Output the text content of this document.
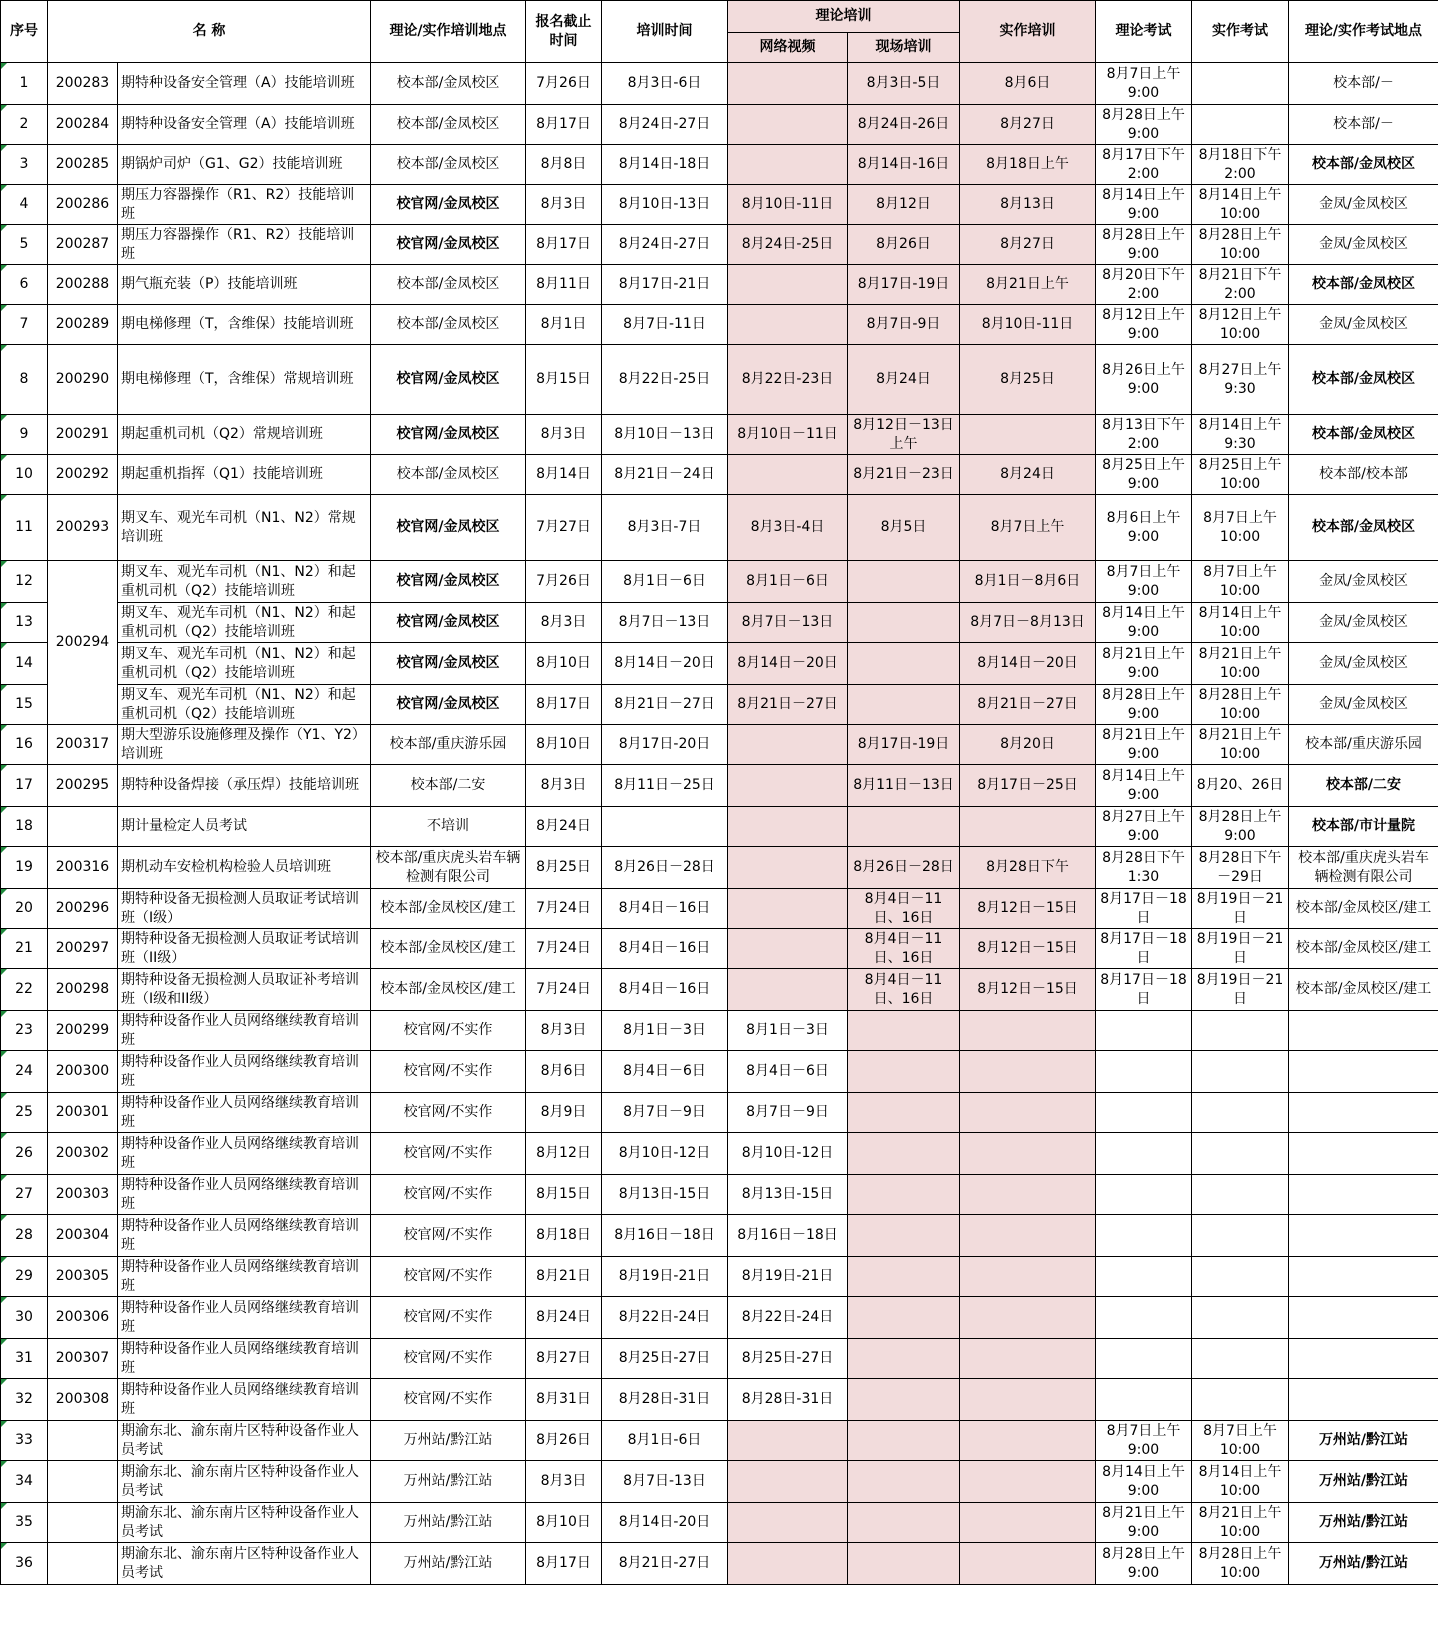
序号	名 称		理论/实作培训地点	报名截止时间	培训时间	理论培训		实作培训	理论考试	实作考试	理论/实作考试地点
						网络视频	现场培训				
1	200283	期特种设备安全管理（A）技能培训班	校本部/金凤校区	7月26日	8月3日-6日		8月3日-5日	8月6日	8月7日上午9:00		校本部/－
2	200284	期特种设备安全管理（A）技能培训班	校本部/金凤校区	8月17日	8月24日-27日		8月24日-26日	8月27日	8月28日上午9:00		校本部/－
3	200285	期锅炉司炉（G1、G2）技能培训班	校本部/金凤校区	8月8日	8月14日-18日		8月14日-16日	8月18日上午	8月17日下午2:00	8月18日下午2:00	校本部/金凤校区
4	200286	期压力容器操作（R1、R2）技能培训班	校官网/金凤校区	8月3日	8月10日-13日	8月10日-11日	8月12日	8月13日	8月14日上午9:00	8月14日上午10:00	金凤/金凤校区
5	200287	期压力容器操作（R1、R2）技能培训班	校官网/金凤校区	8月17日	8月24日-27日	8月24日-25日	8月26日	8月27日	8月28日上午9:00	8月28日上午10:00	金凤/金凤校区
6	200288	期气瓶充装（P）技能培训班	校本部/金凤校区	8月11日	8月17日-21日		8月17日-19日	8月21日上午	8月20日下午2:00	8月21日下午2:00	校本部/金凤校区
7	200289	期电梯修理（T，含维保）技能培训班	校本部/金凤校区	8月1日	8月7日-11日		8月7日-9日	8月10日-11日	8月12日上午9:00	8月12日上午10:00	金凤/金凤校区
8	200290	期电梯修理（T，含维保）常规培训班	校官网/金凤校区	8月15日	8月22日-25日	8月22日-23日	8月24日	8月25日	8月26日上午9:00	8月27日上午9:30	校本部/金凤校区
9	200291	期起重机司机（Q2）常规培训班	校官网/金凤校区	8月3日	8月10日－13日	8月10日－11日	8月12日－13日上午		8月13日下午2:00	8月14日上午9:30	校本部/金凤校区
10	200292	期起重机指挥（Q1）技能培训班	校本部/金凤校区	8月14日	8月21日－24日		8月21日－23日	8月24日	8月25日上午9:00	8月25日上午10:00	校本部/校本部
11	200293	期叉车、观光车司机（N1、N2）常规培训班	校官网/金凤校区	7月27日	8月3日-7日	8月3日-4日	8月5日	8月7日上午	8月6日上午9:00	8月7日上午10:00	校本部/金凤校区
12	200294	期叉车、观光车司机（N1、N2）和起重机司机（Q2）技能培训班	校官网/金凤校区	7月26日	8月1日－6日	8月1日－6日		8月1日－8月6日	8月7日上午9:00	8月7日上午10:00	金凤/金凤校区
13		期叉车、观光车司机（N1、N2）和起重机司机（Q2）技能培训班	校官网/金凤校区	8月3日	8月7日－13日	8月7日－13日		8月7日－8月13日	8月14日上午9:00	8月14日上午10:00	金凤/金凤校区
14		期叉车、观光车司机（N1、N2）和起重机司机（Q2）技能培训班	校官网/金凤校区	8月10日	8月14日－20日	8月14日－20日		8月14日－20日	8月21日上午9:00	8月21日上午10:00	金凤/金凤校区
15		期叉车、观光车司机（N1、N2）和起重机司机（Q2）技能培训班	校官网/金凤校区	8月17日	8月21日－27日	8月21日－27日		8月21日－27日	8月28日上午9:00	8月28日上午10:00	金凤/金凤校区
16	200317	期大型游乐设施修理及操作（Y1、Y2）培训班	校本部/重庆游乐园	8月10日	8月17日-20日		8月17日-19日	8月20日	8月21日上午9:00	8月21日上午10:00	校本部/重庆游乐园
17	200295	期特种设备焊接（承压焊）技能培训班	校本部/二安	8月3日	8月11日－25日		8月11日－13日	8月17日－25日	8月14日上午9:00	8月20、26日	校本部/二安
18		期计量检定人员考试	不培训	8月24日					8月27日上午9:00	8月28日上午9:00	校本部/市计量院
19	200316	期机动车安检机构检验人员培训班	校本部/重庆虎头岩车辆检测有限公司	8月25日	8月26日－28日		8月26日－28日	8月28日下午	8月28日下午1:30	8月28日下午－29日	校本部/重庆虎头岩车辆检测有限公司
20	200296	期特种设备无损检测人员取证考试培训班（I级）	校本部/金凤校区/建工	7月24日	8月4日－16日		8月4日－11日、16日	8月12日－15日	8月17日－18日	8月19日－21日	校本部/金凤校区/建工
21	200297	期特种设备无损检测人员取证考试培训班（II级）	校本部/金凤校区/建工	7月24日	8月4日－16日		8月4日－11日、16日	8月12日－15日	8月17日－18日	8月19日－21日	校本部/金凤校区/建工
22	200298	期特种设备无损检测人员取证补考培训班（I级和II级）	校本部/金凤校区/建工	7月24日	8月4日－16日		8月4日－11日、16日	8月12日－15日	8月17日－18日	8月19日－21日	校本部/金凤校区/建工
23	200299	期特种设备作业人员网络继续教育培训班	校官网/不实作	8月3日	8月1日－3日	8月1日－3日					
24	200300	期特种设备作业人员网络继续教育培训班	校官网/不实作	8月6日	8月4日－6日	8月4日－6日					
25	200301	期特种设备作业人员网络继续教育培训班	校官网/不实作	8月9日	8月7日－9日	8月7日－9日					
26	200302	期特种设备作业人员网络继续教育培训班	校官网/不实作	8月12日	8月10日-12日	8月10日-12日					
27	200303	期特种设备作业人员网络继续教育培训班	校官网/不实作	8月15日	8月13日-15日	8月13日-15日					
28	200304	期特种设备作业人员网络继续教育培训班	校官网/不实作	8月18日	8月16日－18日	8月16日－18日					
29	200305	期特种设备作业人员网络继续教育培训班	校官网/不实作	8月21日	8月19日-21日	8月19日-21日					
30	200306	期特种设备作业人员网络继续教育培训班	校官网/不实作	8月24日	8月22日-24日	8月22日-24日					
31	200307	期特种设备作业人员网络继续教育培训班	校官网/不实作	8月27日	8月25日-27日	8月25日-27日					
32	200308	期特种设备作业人员网络继续教育培训班	校官网/不实作	8月31日	8月28日-31日	8月28日-31日					
33		期渝东北、渝东南片区特种设备作业人员考试	万州站/黔江站	8月26日	8月1日-6日				8月7日上午9:00	8月7日上午10:00	万州站/黔江站
34		期渝东北、渝东南片区特种设备作业人员考试	万州站/黔江站	8月3日	8月7日-13日				8月14日上午9:00	8月14日上午10:00	万州站/黔江站
35		期渝东北、渝东南片区特种设备作业人员考试	万州站/黔江站	8月10日	8月14日-20日				8月21日上午9:00	8月21日上午10:00	万州站/黔江站
36		期渝东北、渝东南片区特种设备作业人员考试	万州站/黔江站	8月17日	8月21日-27日				8月28日上午9:00	8月28日上午10:00	万州站/黔江站
